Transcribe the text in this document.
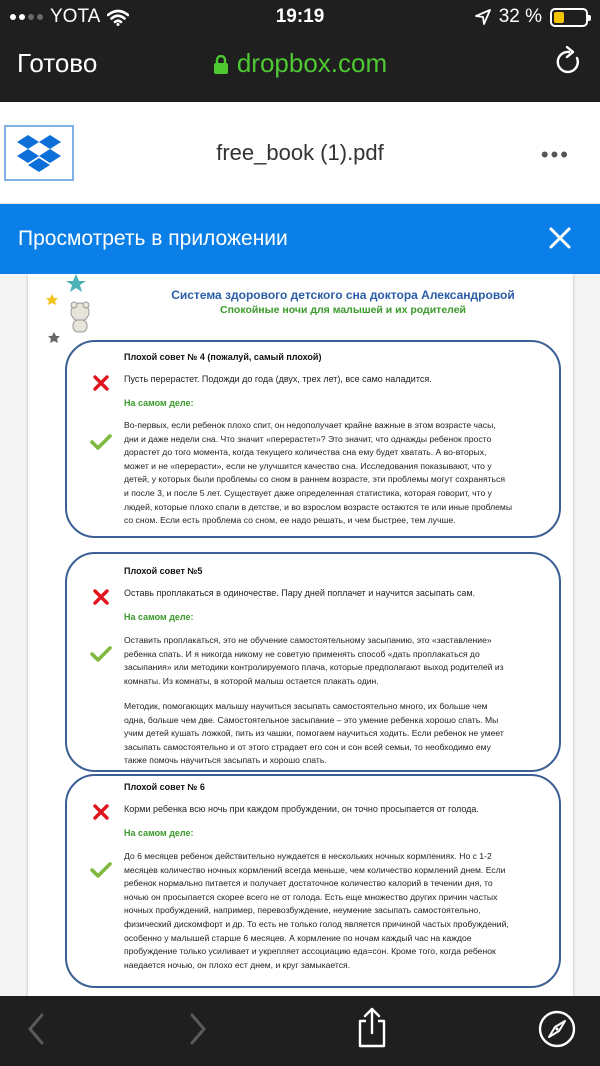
YOTA	19:19	32 %
Готово	dropbox.com
free_book (1).pdf	•••
Просмотреть в приложении
Система здорового детского сна доктора Александровой
Спокойные ночи для малышей и их родителей
Плохой совет № 4 (пожалуй, самый плохой)
Пусть перерастет. Подожди до года (двух, трех лет), все само наладится.
На самом деле:
Во-первых, если ребенок плохо спит, он недополучает крайне важные в этом возрасте часы,
дни и даже недели сна. Что значит «перерастет»? Это значит, что однажды ребенок просто
дорастет до того момента, когда текущего количества сна ему будет хватать. А во-вторых,
может и не «перерасти», если не улучшится качество сна. Исследования показывают, что у
детей, у которых были проблемы со сном в раннем возрасте, эти проблемы могут сохраняться
и после 3, и после 5 лет. Существует даже определенная статистика, которая говорит, что у
людей, которые плохо спали в детстве, и во взрослом возрасте остаются те или иные проблемы
со сном. Если есть проблема со сном, ее надо решать, и чем быстрее, тем лучше.
Плохой совет №5
Оставь проплакаться в одиночестве. Пару дней поплачет и научится засыпать сам.
На самом деле:
Оставить проплакаться, это не обучение самостоятельному засыпанию, это «заставление»
ребенка спать. И я никогда никому не советую применять способ «дать проплакаться до
засыпания» или методики контролируемого плача, которые предполагают выход родителей из
комнаты. Из комнаты, в которой малыш остается плакать один.
Методик, помогающих малышу научиться засыпать самостоятельно много, их больше чем
одна, больше чем две. Самостоятельное засыпание – это умение ребенка хорошо спать. Мы
учим детей кушать ложкой, пить из чашки, помогаем научиться ходить. Если ребенок не умеет
засыпать самостоятельно и от этого страдает его сон и сон всей семьи, то необходимо ему
также помочь научиться засыпать и хорошо спать.
Плохой совет № 6
Корми ребенка всю ночь при каждом пробуждении, он точно просыпается от голода.
На самом деле:
До 6 месяцев ребенок действительно нуждается в нескольких ночных кормлениях. Но с 1-2
месяцев количество ночных кормлений всегда меньше, чем количество кормлений днем. Если
ребенок нормально питается и получает достаточное количество калорий в течении дня, то
ночью он просыпается скорее всего не от голода. Есть еще множество других причин частых
ночных пробуждений, например, перевозбуждение, неумение засыпать самостоятельно,
физический дискомфорт и др. То есть не только голод является причиной частых пробуждений,
особенно у малышей старше 6 месяцев. А кормление по ночам каждый час на каждое
пробуждение только усиливает и укрепляет ассоциацию еда=сон. Кроме того, когда ребенок
наедается ночью, он плохо ест днем, и круг замыкается.
